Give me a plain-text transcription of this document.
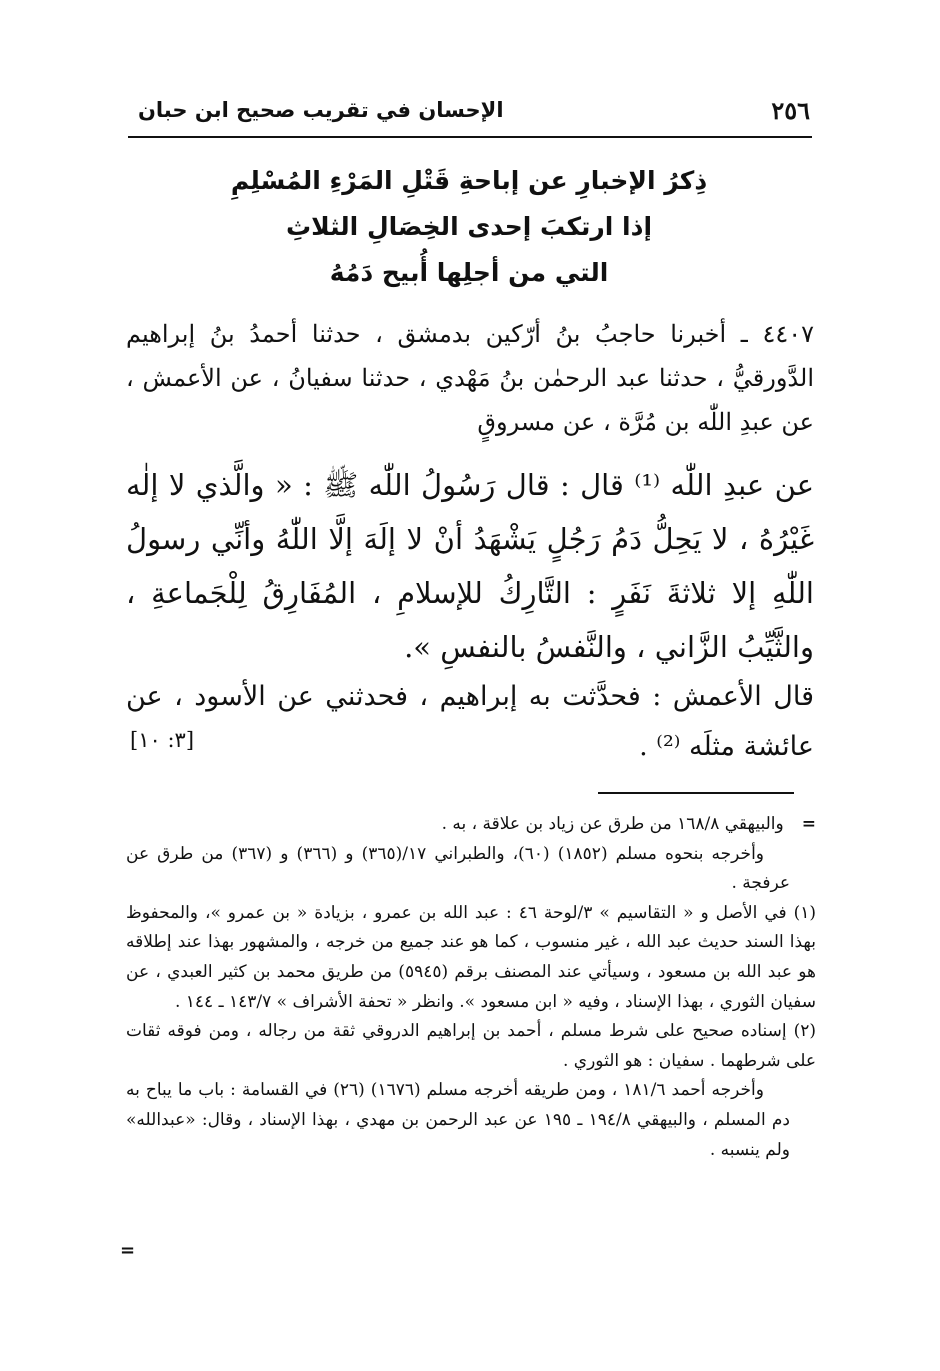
٢٥٦
الإحسان في تقريب صحيح ابن حبان
ذِكرُ الإخبارِ عن إباحةِ قَتْلِ المَرْءِ المُسْلِمِ
إذا ارتكبَ إحدى الخِصَالِ الثلاثِ
التي من أجلِها أُبيح دَمُهُ
٤٤٠٧ ـ أخبرنا حاجبُ بنُ أرّكين بدمشق ، حدثنا أحمدُ بنُ إبراهيم الدَّورقيُّ ، حدثنا عبد الرحمٰن بنُ مَهْدي ، حدثنا سفيانُ ، عن الأعمش ، عن عبدِ اللّٰه بن مُرَّة ، عن مسروقٍ
عن عبدِ اللّٰه ⁽¹⁾ قال : قال رَسُولُ اللّٰه ﷺ : « والَّذي لا إلٰه غَيْرُهُ ، لا يَحِلُّ دَمُ رَجُلٍ يَشْهَدُ أنْ لا إلَهَ إلَّا اللّٰهُ وأنِّي رسولُ اللّٰهِ إلا ثلاثةَ نَفَرٍ : التَّارِكُ للإسلامِ ، المُفَارِقُ لِلْجَماعةِ ، والثَّيِّبُ الزَّاني ، والنَّفسُ بالنفسِ ».
قال الأعمش : فحدَّثت به إبراهيم ، فحدثني عن الأسود ، عن عائشة مثلَه ⁽²⁾ .
[٣: ١٠]

=والبيهقي ١٦٨/٨ من طرق عن زياد بن علاقة ، به .

وأخرجه بنحوه مسلم (١٨٥٢) (٦٠)، والطبراني ١٧/(٣٦٥) و (٣٦٦) و (٣٦٧) من طرق عن عرفجة .

(١) في الأصل و « التقاسيم » ٣/لوحة ٤٦ : عبد الله بن عمرو ، بزيادة « بن عمرو »، والمحفوظ بهذا السند حديث عبد الله ، غير منسوب ، كما هو عند جميع من خرجه ، والمشهور بهذا عند إطلاقه هو عبد الله بن مسعود ، وسيأتي عند المصنف برقم (٥٩٤٥) من طريق محمد بن كثير العبدي ، عن سفيان الثوري ، بهذا الإسناد ، وفيه « ابن مسعود ». وانظر « تحفة الأشراف » ١٤٣/٧ ـ ١٤٤ .

(٢) إسناده صحيح على شرط مسلم ، أحمد بن إبراهيم الدروقي ثقة من رجاله ، ومن فوقه ثقات على شرطهما . سفيان : هو الثوري .

وأخرجه أحمد ١٨١/٦ ، ومن طريقه أخرجه مسلم (١٦٧٦) (٢٦) في القسامة : باب ما يباح به دم المسلم ، والبيهقي ١٩٤/٨ ـ ١٩٥ عن عبد الرحمن بن مهدي ، بهذا الإسناد ، وقال: «عبدالله» ولم ينسبه .

=
